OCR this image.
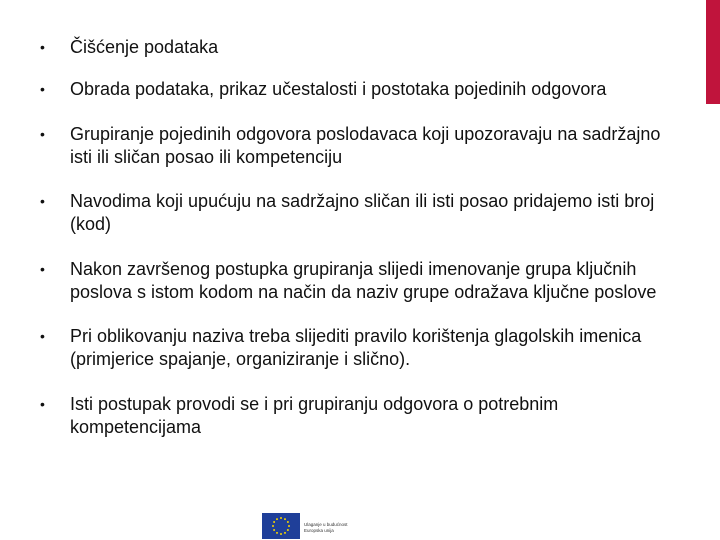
• Čišćenje podataka
• Obrada podataka, prikaz učestalosti i postotaka pojedinih odgovora
• Grupiranje pojedinih odgovora poslodavaca koji upozoravaju na sadržajno isti ili sličan posao ili kompetenciju
• Navodima koji upućuju na sadržajno sličan ili isti posao pridajemo isti broj (kod)
• Nakon završenog postupka grupiranja slijedi imenovanje grupa ključnih poslova s istom kodom na način da naziv grupe odražava ključne poslove
• Pri oblikovanju naziva treba slijediti pravilo korištenja glagolskih imenica (primjerice spajanje, organiziranje i slično).
• Isti postupak provodi se i pri grupiranju odgovora o potrebnim kompetencijama
Ulaganje u budućnost
Europska unija
